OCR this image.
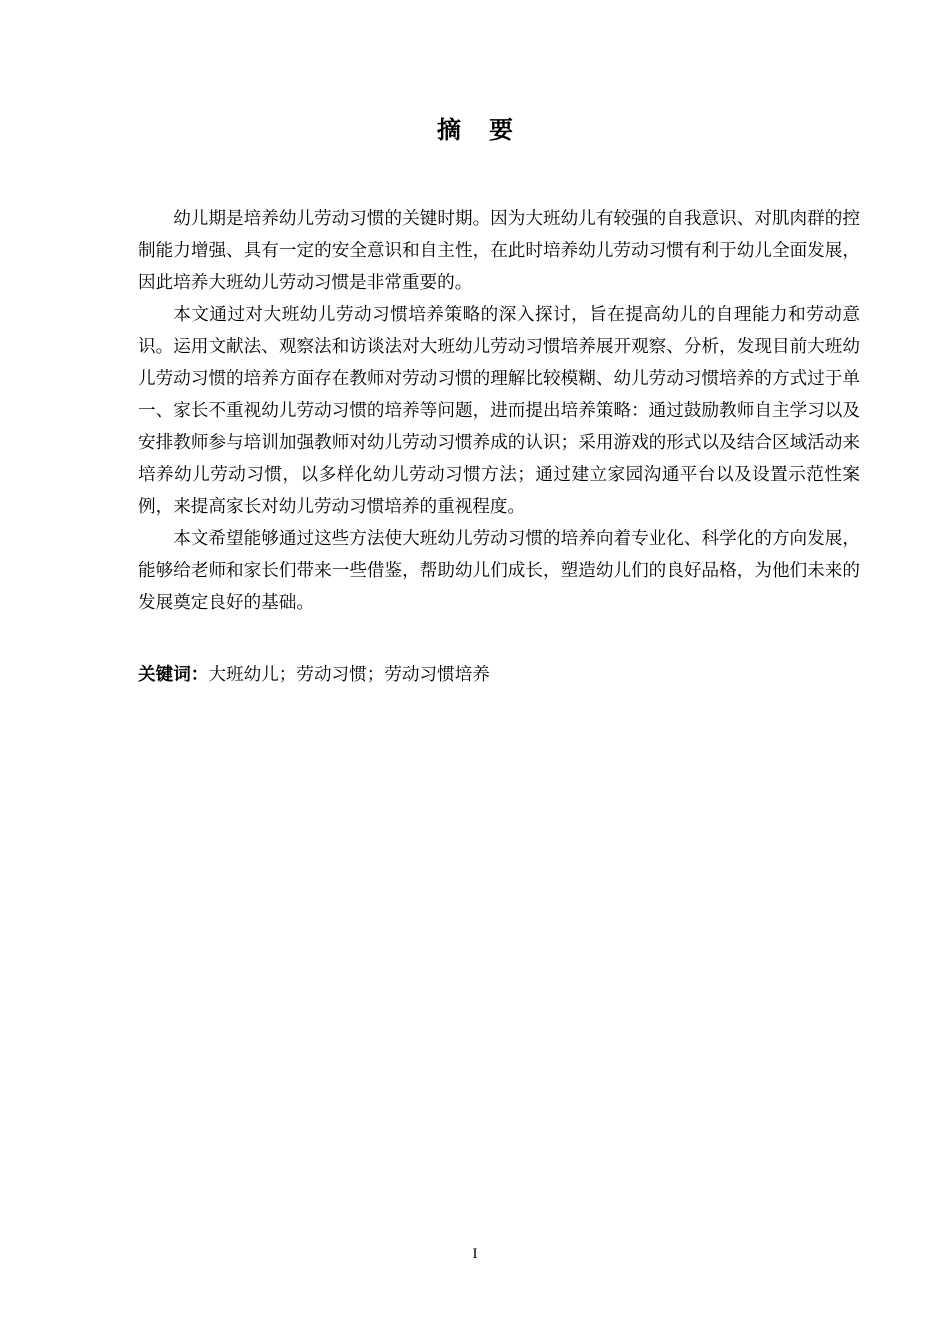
摘要

幼儿期是培养幼儿劳动习惯的关键时期。因为大班幼儿有较强的自我意识、对肌肉群的控制能力增强、具有一定的安全意识和自主性，在此时培养幼儿劳动习惯有利于幼儿全面发展，因此培养大班幼儿劳动习惯是非常重要的。

本文通过对大班幼儿劳动习惯培养策略的深入探讨，旨在提高幼儿的自理能力和劳动意识。运用文献法、观察法和访谈法对大班幼儿劳动习惯培养展开观察、分析，发现目前大班幼儿劳动习惯的培养方面存在教师对劳动习惯的理解比较模糊、幼儿劳动习惯培养的方式过于单一、家长不重视幼儿劳动习惯的培养等问题，进而提出培养策略：通过鼓励教师自主学习以及安排教师参与培训加强教师对幼儿劳动习惯养成的认识；采用游戏的形式以及结合区域活动来培养幼儿劳动习惯，以多样化幼儿劳动习惯方法；通过建立家园沟通平台以及设置示范性案例，来提高家长对幼儿劳动习惯培养的重视程度。

本文希望能够通过这些方法使大班幼儿劳动习惯的培养向着专业化、科学化的方向发展，能够给老师和家长们带来一些借鉴，帮助幼儿们成长，塑造幼儿们的良好品格，为他们未来的发展奠定良好的基础。

关键词：大班幼儿；劳动习惯；劳动习惯培养
I
